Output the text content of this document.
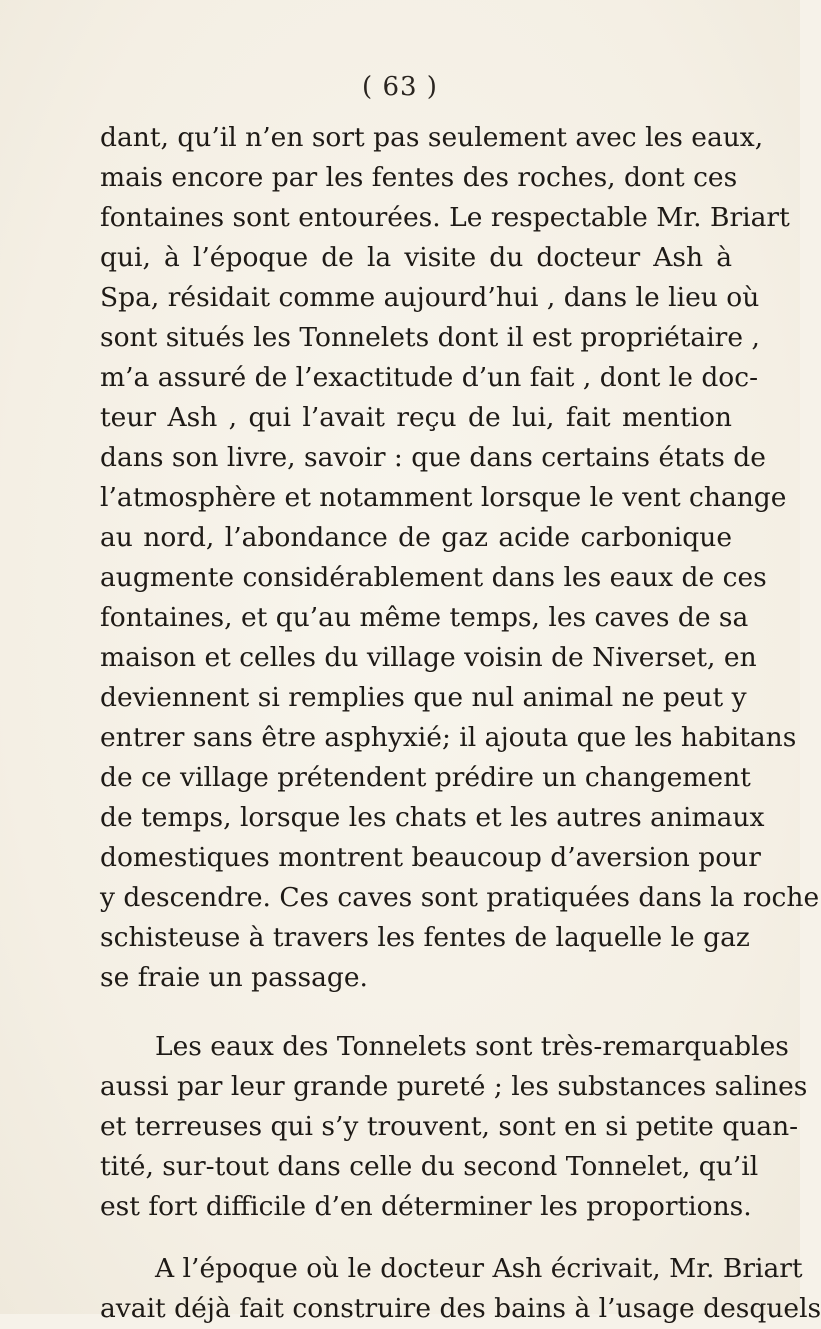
( 63 )
dant, qu’il n’en sort pas seulement avec les eaux,
mais encore par les fentes des roches, dont ces
fontaines sont entourées. Le respectable Mr. Briart
qui, à l’époque de la visite du docteur Ash à
Spa, résidait comme aujourd’hui , dans le lieu où
sont situés les Tonnelets dont il est propriétaire ,
m’a assuré de l’exactitude d’un fait , dont le doc-
teur Ash , qui l’avait reçu de lui, fait mention
dans son livre, savoir : que dans certains états de
l’atmosphère et notamment lorsque le vent change
au nord, l’abondance de gaz acide carbonique
augmente considérablement dans les eaux de ces
fontaines, et qu’au même temps, les caves de sa
maison et celles du village voisin de Niverset, en
deviennent si remplies que nul animal ne peut y
entrer sans être asphyxié; il ajouta que les habitans
de ce village prétendent prédire un changement
de temps, lorsque les chats et les autres animaux
domestiques montrent beaucoup d’aversion pour
y descendre. Ces caves sont pratiquées dans la roche
schisteuse à travers les fentes de laquelle le gaz
se fraie un passage.
Les eaux des Tonnelets sont très-remarquables
aussi par leur grande pureté ; les substances salines
et terreuses qui s’y trouvent, sont en si petite quan-
tité, sur-tout dans celle du second Tonnelet, qu’il
est fort difficile d’en déterminer les proportions.
A l’époque où le docteur Ash écrivait, Mr. Briart
avait déjà fait construire des bains à l’usage desquels
